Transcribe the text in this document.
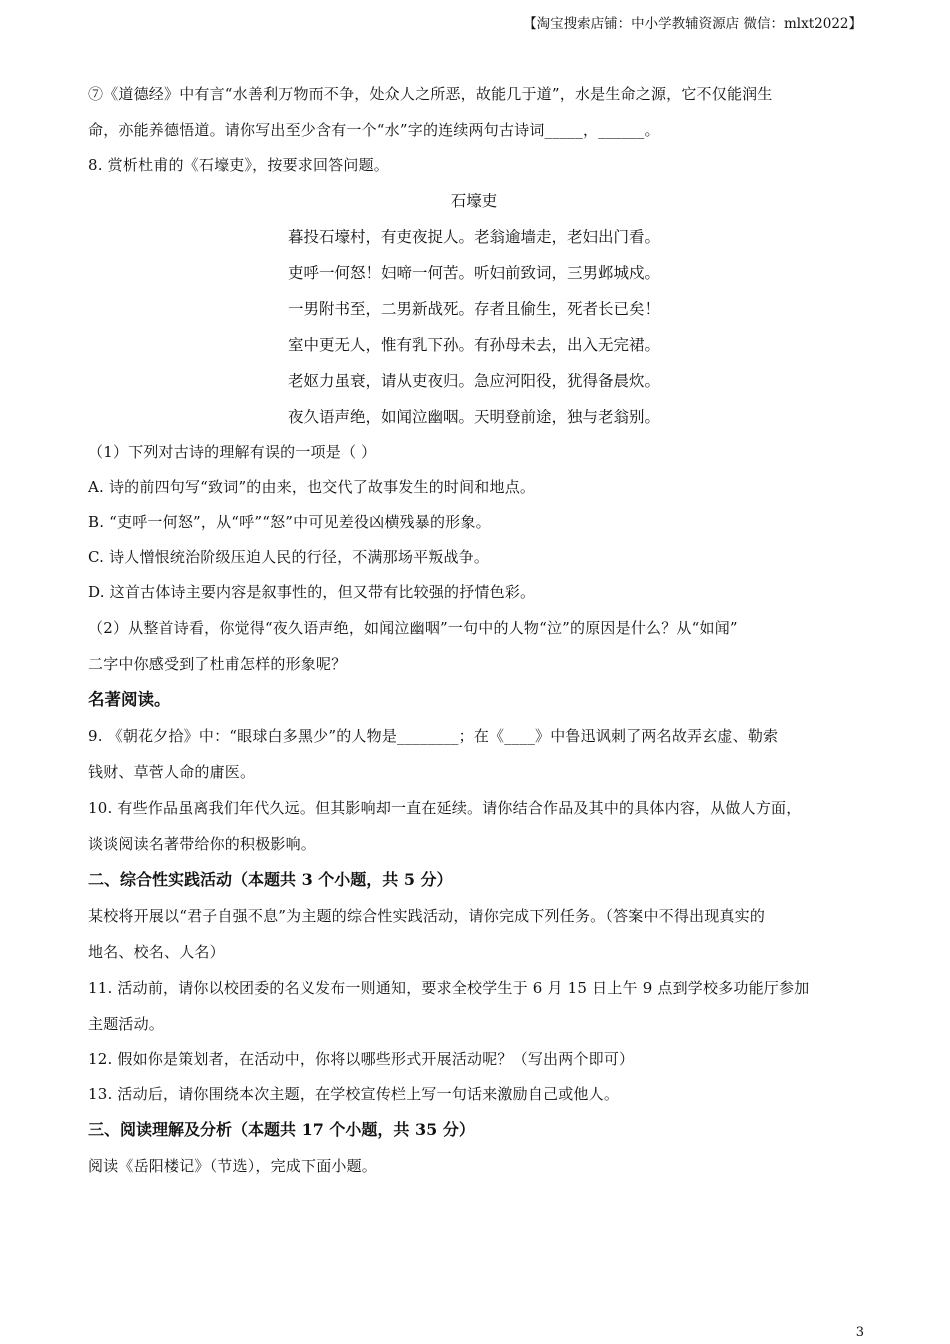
【淘宝搜索店铺：中小学教辅资源店 微信：mlxt2022】

⑦《道德经》中有言“水善利万物而不争，处众人之所恶，故能几于道”，水是生命之源，它不仅能润生

命，亦能养德悟道。请你写出至少含有一个“水”字的连续两句古诗词_____，______。

8. 赏析杜甫的《石壕吏》，按要求回答问题。

石壕吏

暮投石壕村，有吏夜捉人。老翁逾墙走，老妇出门看。

吏呼一何怒！妇啼一何苦。听妇前致词，三男邺城戍。

一男附书至，二男新战死。存者且偷生，死者长已矣！

室中更无人，惟有乳下孙。有孙母未去，出入无完裙。

老妪力虽衰，请从吏夜归。急应河阳役，犹得备晨炊。

夜久语声绝，如闻泣幽咽。天明登前途，独与老翁别。

（1）下列对古诗的理解有误的一项是（ ）

A. 诗的前四句写“致词”的由来，也交代了故事发生的时间和地点。

B. “吏呼一何怒”，从“呼”“怒”中可见差役凶横残暴的形象。

C. 诗人憎恨统治阶级压迫人民的行径，不满那场平叛战争。

D. 这首古体诗主要内容是叙事性的，但又带有比较强的抒情色彩。

（2）从整首诗看，你觉得“夜久语声绝，如闻泣幽咽”一句中的人物“泣”的原因是什么？从“如闻”

二字中你感受到了杜甫怎样的形象呢？

名著阅读。

9. 《朝花夕拾》中：“眼球白多黑少”的人物是________；在《____》中鲁迅讽刺了两名故弄玄虚、勒索

钱财、草菅人命的庸医。

10. 有些作品虽离我们年代久远。但其影响却一直在延续。请你结合作品及其中的具体内容，从做人方面，

谈谈阅读名著带给你的积极影响。

二、综合性实践活动（本题共 3 个小题，共 5 分）

某校将开展以“君子自强不息”为主题的综合性实践活动，请你完成下列任务。（答案中不得出现真实的

地名、校名、人名）

11. 活动前，请你以校团委的名义发布一则通知，要求全校学生于 6 月 15 日上午 9 点到学校多功能厅参加

主题活动。

12. 假如你是策划者，在活动中，你将以哪些形式开展活动呢？（写出两个即可）

13. 活动后，请你围绕本次主题，在学校宣传栏上写一句话来激励自己或他人。

三、阅读理解及分析（本题共 17 个小题，共 35 分）

阅读《岳阳楼记》（节选），完成下面小题。

3
